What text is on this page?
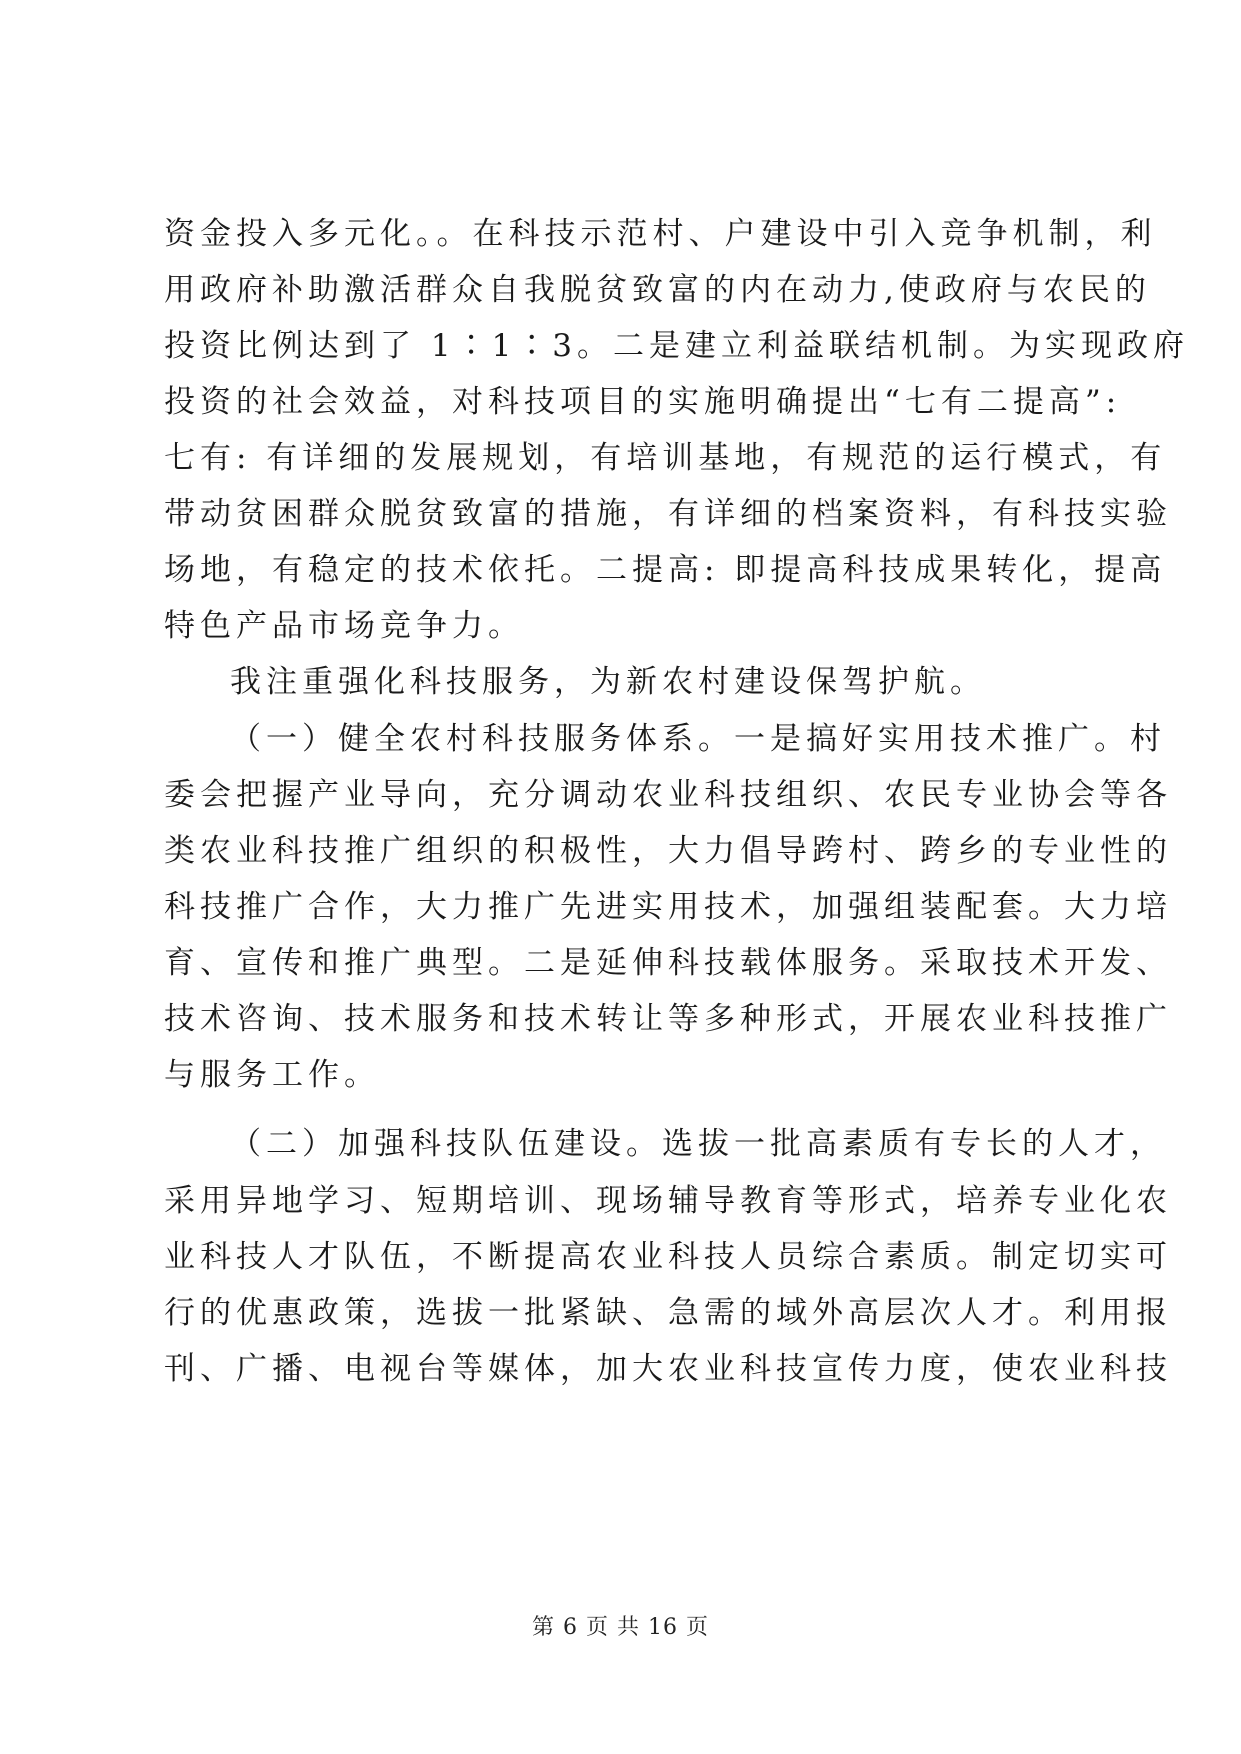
资金投入多元化。。在科技示范村、户建设中引入竞争机制，利
用政府补助激活群众自我脱贫致富的内在动力,使政府与农民的
投资比例达到了 1∶1∶3。二是建立利益联结机制。为实现政府
投资的社会效益，对科技项目的实施明确提出“七有二提高”:
七有: 有详细的发展规划，有培训基地，有规范的运行模式，有
带动贫困群众脱贫致富的措施，有详细的档案资料，有科技实验
场地，有稳定的技术依托。二提高: 即提高科技成果转化，提高
特色产品市场竞争力。
我注重强化科技服务，为新农村建设保驾护航。
（一）健全农村科技服务体系。一是搞好实用技术推广。村
委会把握产业导向，充分调动农业科技组织、农民专业协会等各
类农业科技推广组织的积极性，大力倡导跨村、跨乡的专业性的
科技推广合作，大力推广先进实用技术，加强组装配套。大力培
育、宣传和推广典型。二是延伸科技载体服务。采取技术开发、
技术咨询、技术服务和技术转让等多种形式，开展农业科技推广
与服务工作。
（二）加强科技队伍建设。选拔一批高素质有专长的人才，
采用异地学习、短期培训、现场辅导教育等形式，培养专业化农
业科技人才队伍，不断提高农业科技人员综合素质。制定切实可
行的优惠政策，选拔一批紧缺、急需的域外高层次人才。利用报
刊、广播、电视台等媒体，加大农业科技宣传力度，使农业科技
第 6 页 共 16 页
